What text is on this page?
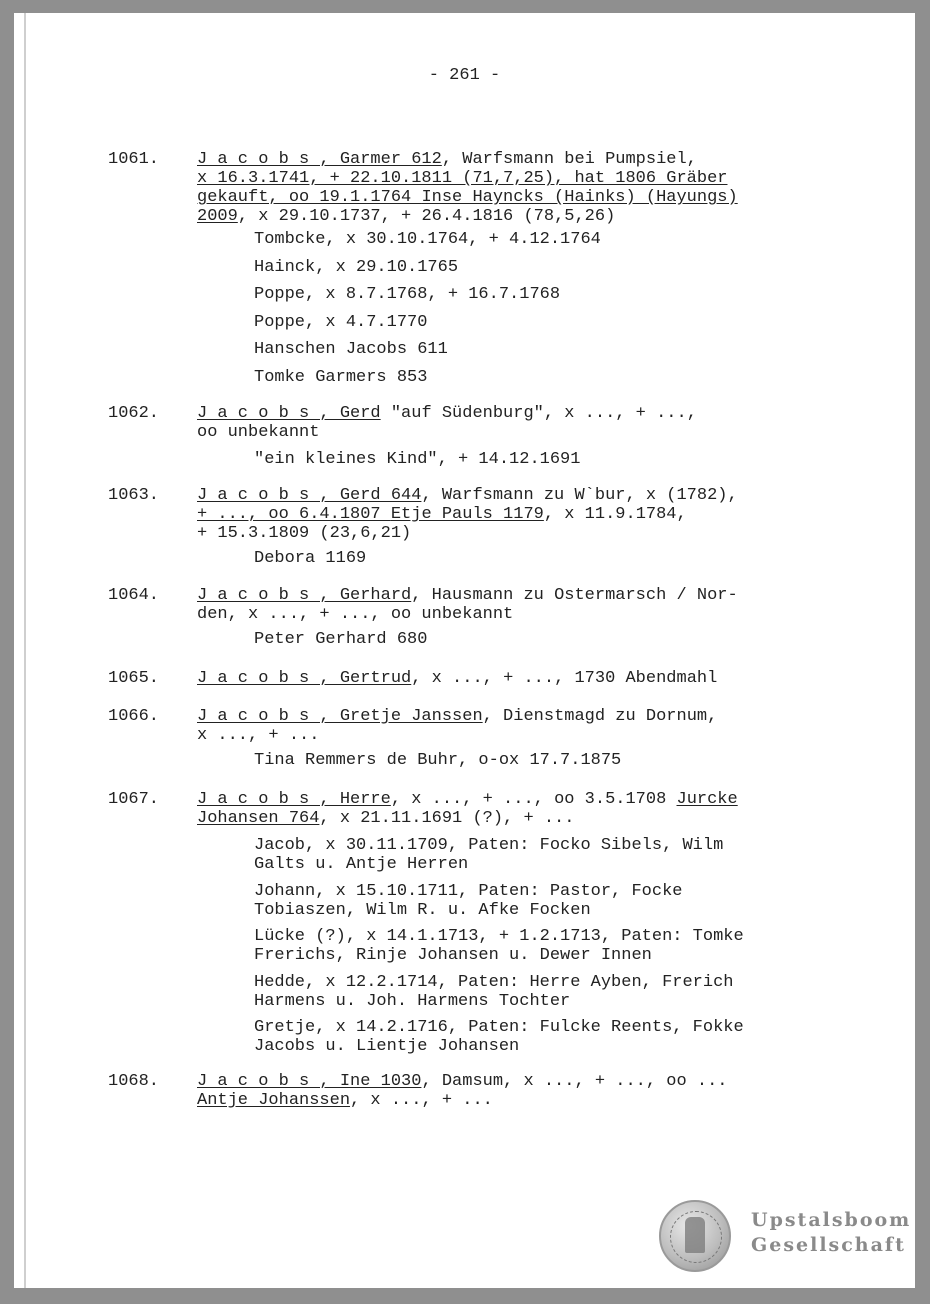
- 261 -
1061. J a c o b s , Garmer 612, Warfsmann bei Pumpsiel,
x 16.3.1741, + 22.10.1811 (71,7,25), hat 1806 Gräber
gekauft, oo 19.1.1764 Inse Hayncks (Hainks) (Hayungs)
2009, x 29.10.1737, + 26.4.1816 (78,5,26)
Tombcke, x 30.10.1764, + 4.12.1764
Hainck, x 29.10.1765
Poppe, x 8.7.1768, + 16.7.1768
Poppe, x 4.7.1770
Hanschen Jacobs 611
Tomke Garmers 853
1062. J a c o b s , Gerd "auf Südenburg", x ..., + ...,
oo unbekannt
"ein kleines Kind", + 14.12.1691
1063. J a c o b s , Gerd 644, Warfsmann zu W`bur, x (1782),
+ ..., oo 6.4.1807 Etje Pauls 1179, x 11.9.1784,
+ 15.3.1809 (23,6,21)
Debora 1169
1064. J a c o b s , Gerhard, Hausmann zu Ostermarsch / Nor-
den, x ..., + ..., oo unbekannt
Peter Gerhard 680
1065. J a c o b s , Gertrud, x ..., + ..., 1730 Abendmahl
1066. J a c o b s , Gretje Janssen, Dienstmagd zu Dornum,
x ..., + ...
Tina Remmers de Buhr, o-ox 17.7.1875
1067. J a c o b s , Herre, x ..., + ..., oo 3.5.1708 Jurcke
Johansen 764, x 21.11.1691 (?), + ...
Jacob, x 30.11.1709, Paten: Focko Sibels, Wilm
Galts u. Antje Herren
Johann, x 15.10.1711, Paten: Pastor, Focke
Tobiaszen, Wilm R. u. Afke Focken
Lücke (?), x 14.1.1713, + 1.2.1713, Paten: Tomke
Frerichs, Rinje Johansen u. Dewer Innen
Hedde, x 12.2.1714, Paten: Herre Ayben, Frerich
Harmens u. Joh. Harmens Tochter
Gretje, x 14.2.1716, Paten: Fulcke Reents, Fokke
Jacobs u. Lientje Johansen
1068. J a c o b s , Ine 1030, Damsum, x ..., + ..., oo ...
Antje Johanssen, x ..., + ...
Upstalsboom
Gesellschaft
